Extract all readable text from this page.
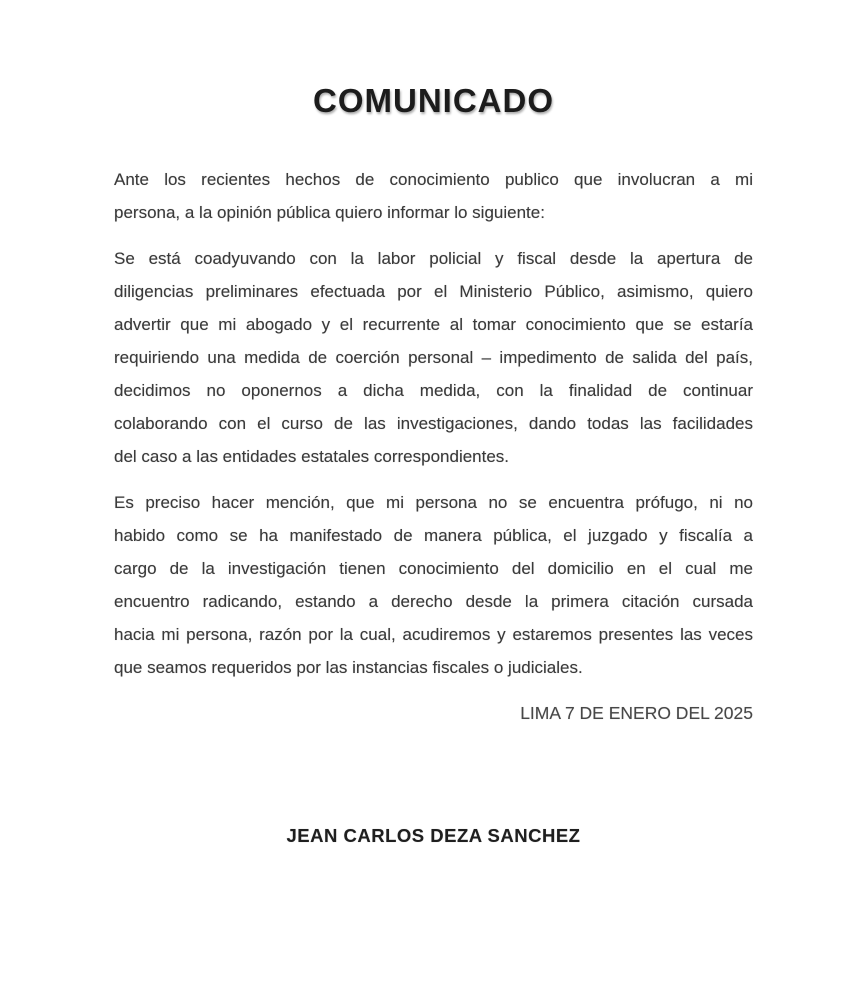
COMUNICADO

Ante los recientes hechos de conocimiento publico que involucran a mi
persona, a la opinión pública quiero informar lo siguiente:

Se está coadyuvando con la labor policial y fiscal desde la apertura de
diligencias preliminares efectuada por el Ministerio Público, asimismo, quiero
advertir que mi abogado y el recurrente al tomar conocimiento que se estaría
requiriendo una medida de coerción personal – impedimento de salida del país,
decidimos no oponernos a dicha medida, con la finalidad de continuar
colaborando con el curso de las investigaciones, dando todas las facilidades
del caso a las entidades estatales correspondientes.

Es preciso hacer mención, que mi persona no se encuentra prófugo, ni no
habido como se ha manifestado de manera pública, el juzgado y fiscalía a
cargo de la investigación tienen conocimiento del domicilio en el cual me
encuentro radicando, estando a derecho desde la primera citación cursada
hacia mi persona, razón por la cual, acudiremos y estaremos presentes las veces
que seamos requeridos por las instancias fiscales o judiciales.

LIMA 7 DE ENERO DEL 2025
JEAN CARLOS DEZA SANCHEZ
